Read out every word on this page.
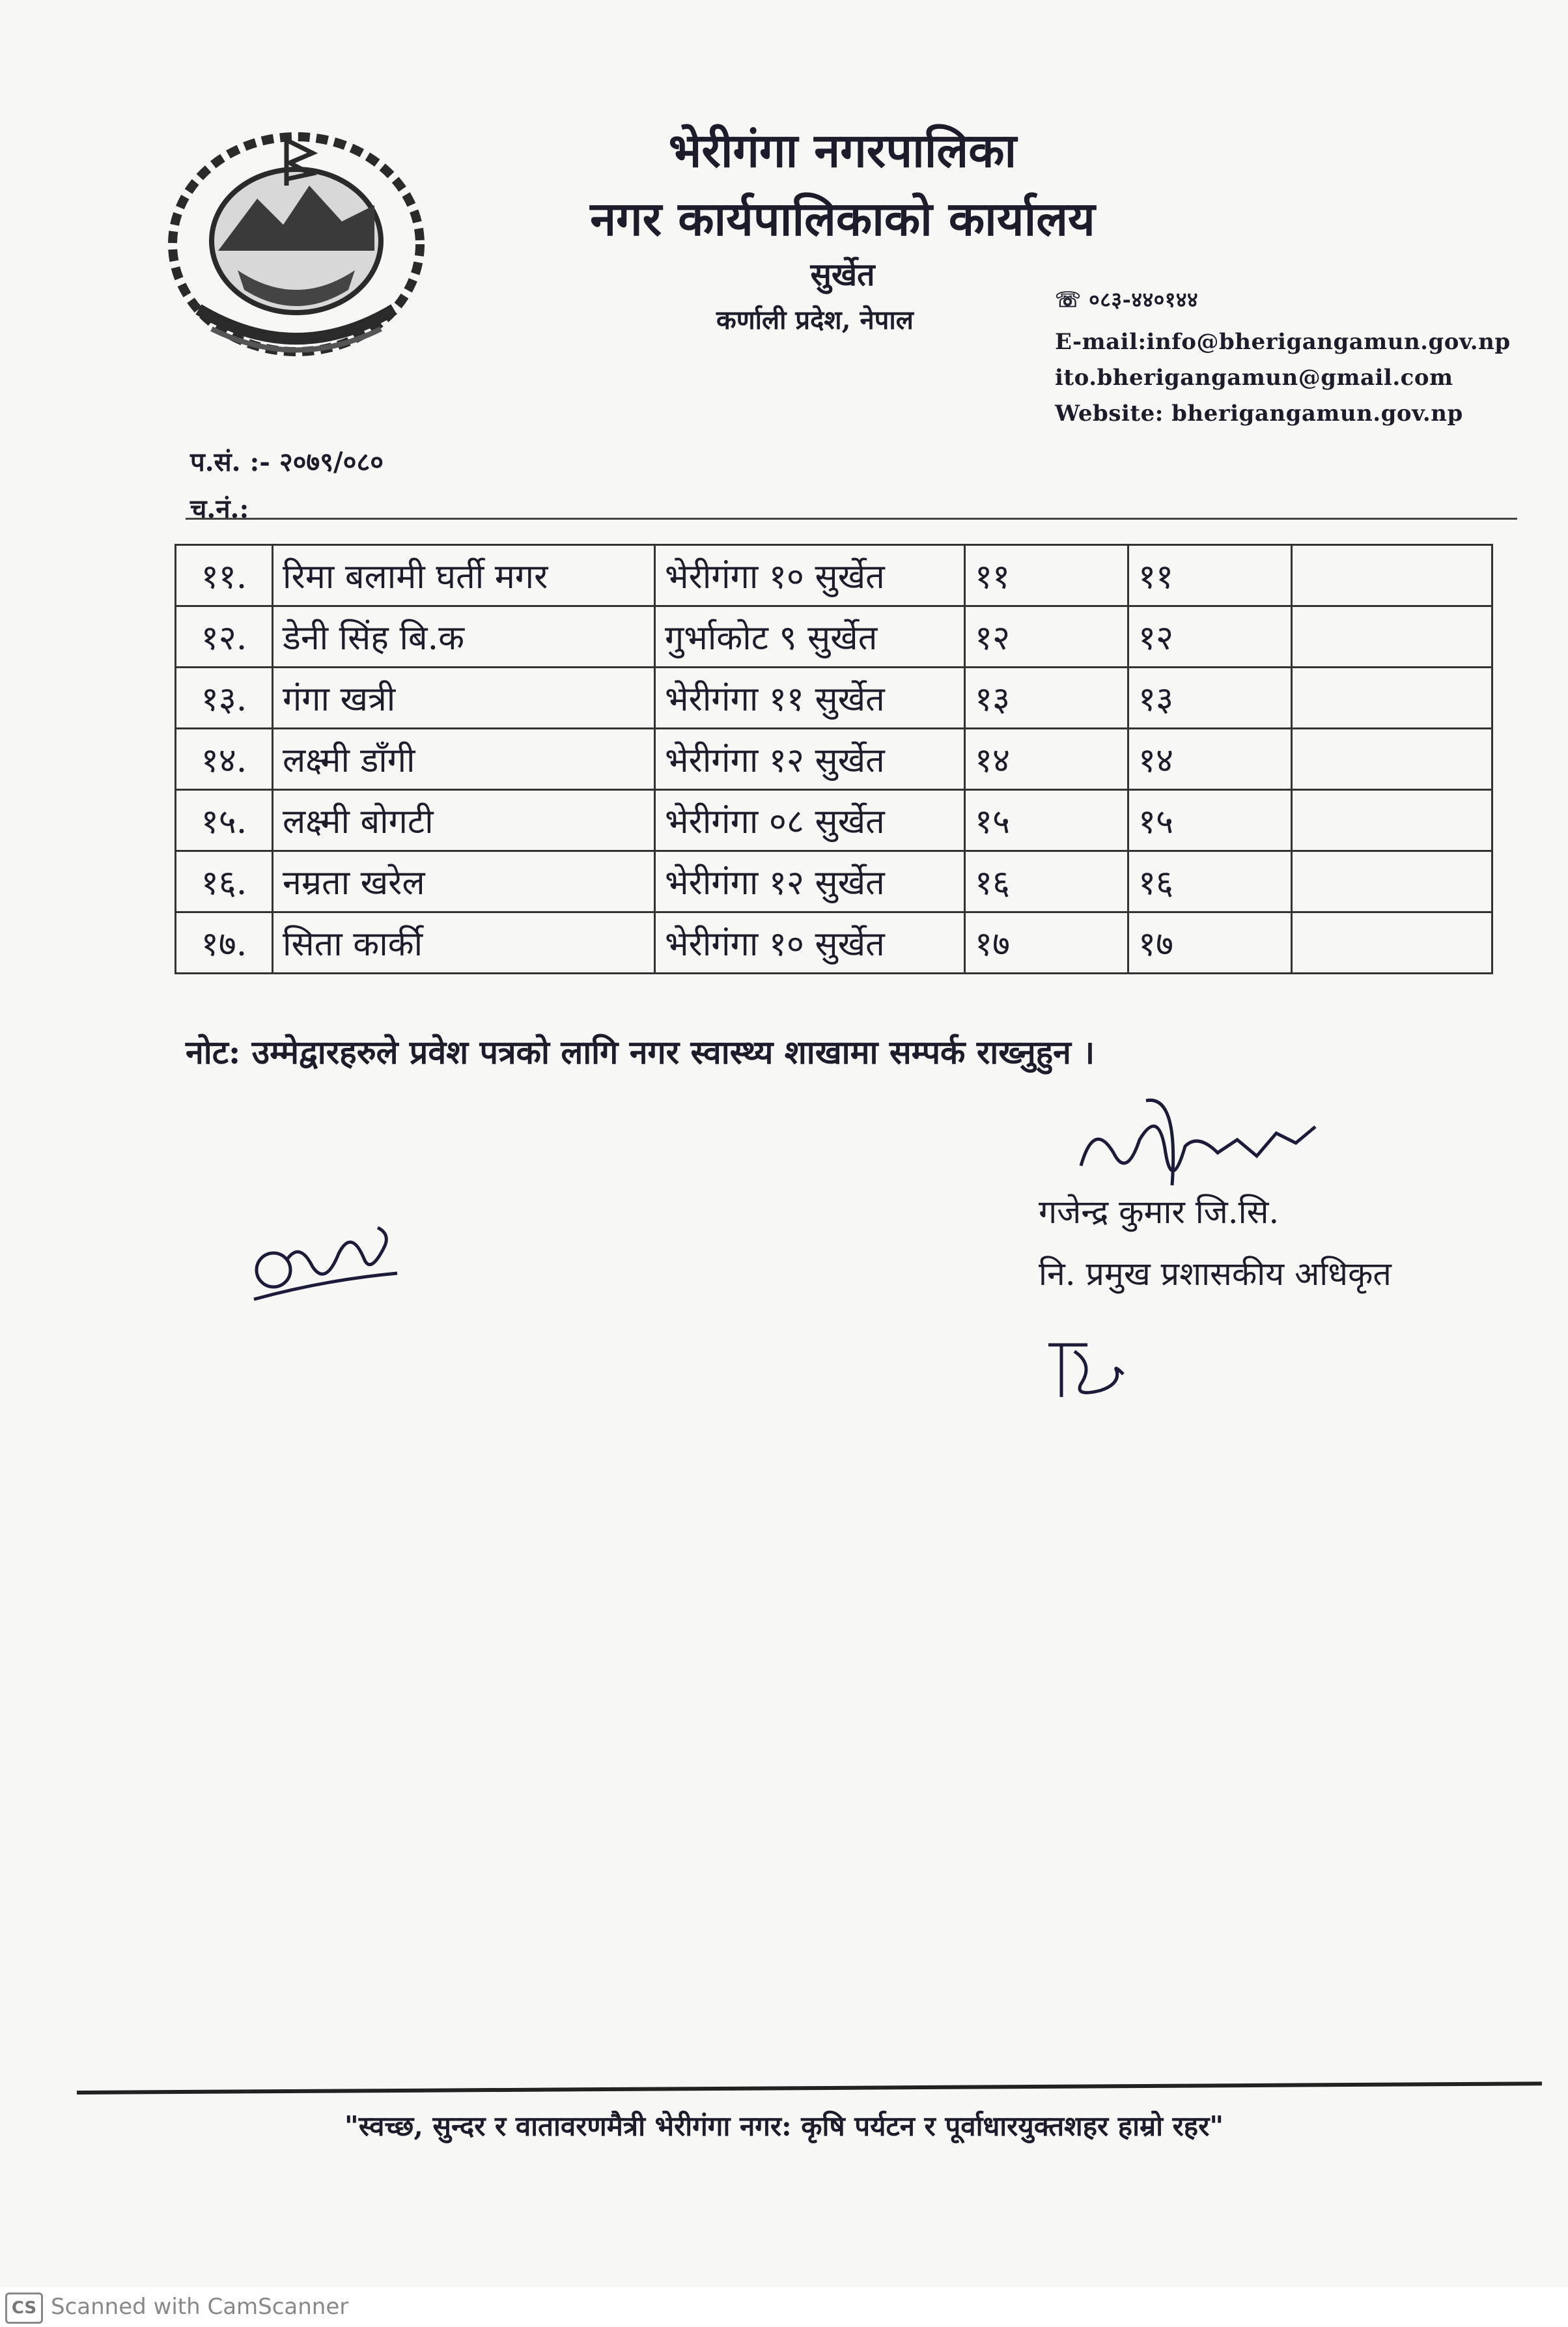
भेरीगंगा नगरपालिका
नगर कार्यपालिकाको कार्यालय
सुर्खेत
कर्णाली प्रदेश, नेपाल
☏ ०८३-४४०१४४
E-mail:info@bherigangamun.gov.np
ito.bherigangamun@gmail.com
Website: bherigangamun.gov.np
प.सं. :- २०७९/०८०
च.नं.:
११.	रिमा बलामी घर्ती मगर	भेरीगंगा १० सुर्खेत	११	११	
१२.	डेनी सिंह बि.क	गुर्भाकोट ९ सुर्खेत	१२	१२	
१३.	गंगा खत्री	भेरीगंगा ११ सुर्खेत	१३	१३	
१४.	लक्ष्मी डाँगी	भेरीगंगा १२ सुर्खेत	१४	१४	
१५.	लक्ष्मी बोगटी	भेरीगंगा ०८ सुर्खेत	१५	१५	
१६.	नम्रता खरेल	भेरीगंगा १२ सुर्खेत	१६	१६	
१७.	सिता कार्की	भेरीगंगा १० सुर्खेत	१७	१७	
नोट: उम्मेद्वारहरुले प्रवेश पत्रको लागि नगर स्वास्थ्य शाखामा सम्पर्क राख्नुहुन ।
गजेन्द्र कुमार जि.सि.
नि. प्रमुख प्रशासकीय अधिकृत
"स्वच्छ, सुन्दर र वातावरणमैत्री भेरीगंगा नगर: कृषि पर्यटन र पूर्वाधारयुक्तशहर हाम्रो रहर"
CS Scanned with CamScanner
